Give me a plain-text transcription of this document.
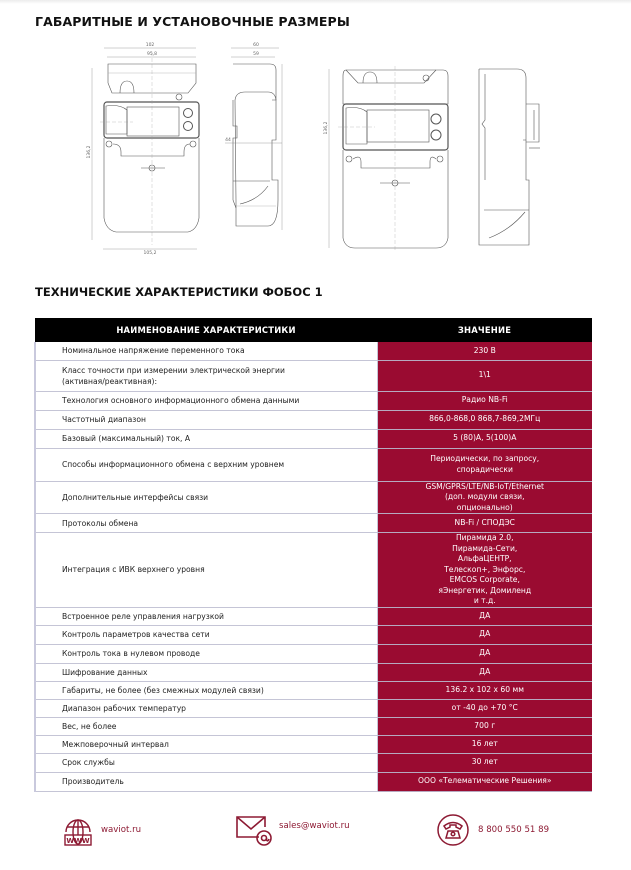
ГАБАРИТНЫЕ И УСТАНОВОЧНЫЕ РАЗМЕРЫ
102
95,8
105,2
136,2
60
59
44
136,2
ТЕХНИЧЕСКИЕ ХАРАКТЕРИСТИКИ ФОБОС 1
НАИМЕНОВАНИЕ ХАРАКТЕРИСТИКИ	ЗНАЧЕНИЕ
Номинальное напряжение переменного тока	230 В
Класс точности при измерении электрической энергии (активная/реактивная):	1\1
Технология основного информационного обмена данными	Радио NB-Fi
Частотный диапазон	866,0-868,0 868,7-869,2МГц
Базовый (максимальный) ток, А	5 (80)А, 5(100)А
Способы информационного обмена с верхним уровнем	Периодически, по запросу, спорадически
Дополнительные интерфейсы связи	GSM/GPRS/LTE/NB-IoT/Ethernet (доп. модули связи, опционально)
Протоколы обмена	NB-Fi / СПОДЭС
Интеграция с ИВК верхнего уровня	Пирамида 2.0, Пирамида-Сети, АльфаЦЕНТР, Телескоп+, Энфорс, EMCOS Corporate, яЭнергетик, Домиленд и т.д.
Встроенное реле управления нагрузкой	ДА
Контроль параметров качества сети	ДА
Контроль тока в нулевом проводе	ДА
Шифрование данных	ДА
Габариты, не более (без смежных модулей связи)	136.2 x 102 x 60 мм
Диапазон рабочих температур	от -40 до +70 °С
Вес, не более	700 г
Межповерочный интервал	16 лет
Срок службы	30 лет
Производитель	ООО «Телематические Решения»
WWW
waviot.ru	sales@waviot.ru	8 800 550 51 89
